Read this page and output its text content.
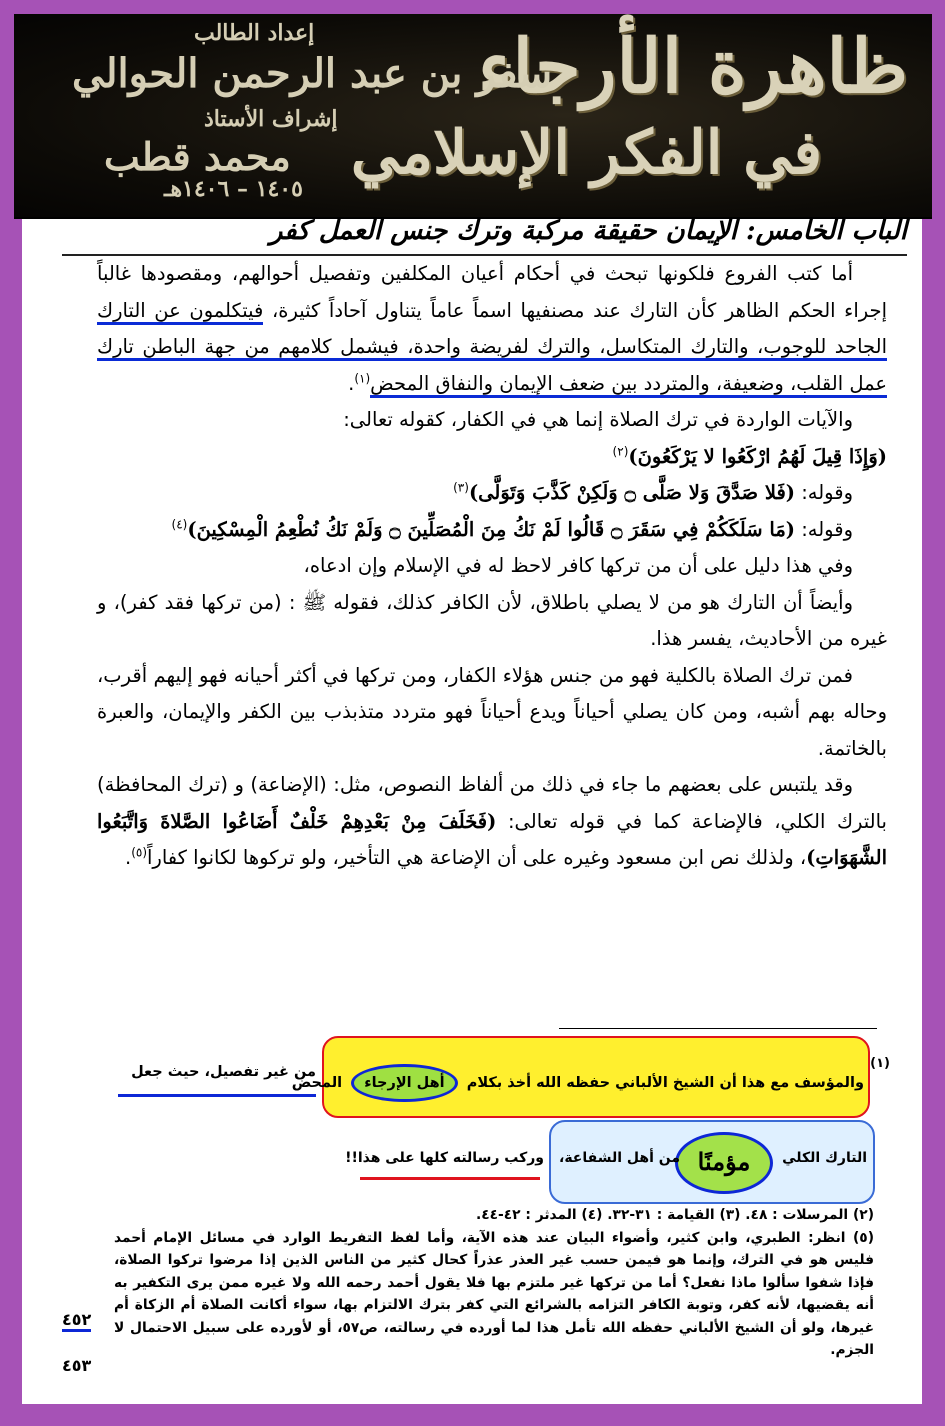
ظاهرة الأرجاء
في الفكر الإسلامي
إعداد الطالب
سفر بن عبد الرحمن الحوالي
إشراف الأستاذ
محمد قطب
١٤٠٥ – ١٤٠٦هـ
الباب الخامس: الإيمان حقيقة مركبة وترك جنس العمل كفر

أما كتب الفروع فلكونها تبحث في أحكام أعيان المكلفين وتفصيل أحوالهم، ومقصودها غالباً إجراء الحكم الظاهر كأن التارك عند مصنفيها اسماً عاماً يتناول آحاداً كثيرة، فيتكلمون عن التارك الجاحد للوجوب، والتارك المتكاسل، والترك لفريضة واحدة، فيشمل كلامهم من جهة الباطن تارك عمل القلب، وضعيفة، والمتردد بين ضعف الإيمان والنفاق المحض$^{(١)}$.

والآيات الواردة في ترك الصلاة إنما هي في الكفار، كقوله تعالى:
(وَإِذَا قِيلَ لَهُمُ ارْكَعُوا لا يَرْكَعُونَ)$^{(٢)}$

وقوله: (فَلا صَدَّقَ وَلا صَلَّى ۝ وَلَكِنْ كَذَّبَ وَتَوَلَّى)$^{(٣)}$

وقوله: (مَا سَلَكَكُمْ فِي سَقَرَ ۝ قَالُوا لَمْ نَكُ مِنَ الْمُصَلِّينَ ۝ وَلَمْ نَكُ نُطْعِمُ الْمِسْكِينَ)$^{(٤)}$

وفي هذا دليل على أن من تركها كافر لاحظ له في الإسلام وإن ادعاه،

وأيضاً أن التارك هو من لا يصلي باطلاق، لأن الكافر كذلك، فقوله ﷺ : (من تركها فقد كفر)، و غيره من الأحاديث، يفسر هذا.

فمن ترك الصلاة بالكلية فهو من جنس هؤلاء الكفار، ومن تركها في أكثر أحيانه فهو إليهم أقرب، وحاله بهم أشبه، ومن كان يصلي أحياناً ويدع أحياناً فهو متردد متذبذب بين الكفر والإيمان، والعبرة بالخاتمة.

وقد يلتبس على بعضهم ما جاء في ذلك من ألفاظ النصوص، مثل: (الإضاعة) و (ترك المحافظة) بالترك الكلي، فالإضاعة كما في قوله تعالى: (فَخَلَفَ مِنْ بَعْدِهِمْ خَلْفٌ أَضَاعُوا الصَّلاةَ وَاتَّبَعُوا الشَّهَوَاتِ)، ولذلك نص ابن مسعود وغيره على أن الإضاعة هي التأخير، ولو تركوها لكانوا كفاراً$^{(٥)}$.

(١)
والمؤسف مع هذا أن الشيخ الألباني حفظه الله أخذ بكلام أهل الإرجاء المحض
من غير تفصيل، حيث جعل
التارك الكلي
مؤمنًا
من أهل الشفاعة،
وركب رسالته كلها على هذا!!

(٢) المرسلات : ٤٨. (٣) القيامة : ٣١-٣٢. (٤) المدثر : ٤٢-٤٤.

(٥) انظر: الطبري، وابن كثير، وأضواء البيان عند هذه الآية، وأما لفظ التفريط الوارد في مسائل الإمام أحمد فليس هو في الترك، وإنما هو فيمن حسب غير العذر عذراً كحال كثير من الناس الذين إذا مرضوا تركوا الصلاة، فإذا شفوا سألوا ماذا نفعل؟ أما من تركها غير ملتزم بها فلا يقول أحمد رحمه الله ولا غيره ممن يرى التكفير به أنه يقضيها، لأنه كفر، وتوبة الكافر التزامه بالشرائع التي كفر بترك الالتزام بها، سواء أكانت الصلاة أم الزكاة أم غيرها، ولو أن الشيخ الألباني حفظه الله تأمل هذا لما أورده في رسالته، ص٥٧، أو لأورده على سبيل الاحتمال لا الجزم.

٤٥٢
٤٥٣
